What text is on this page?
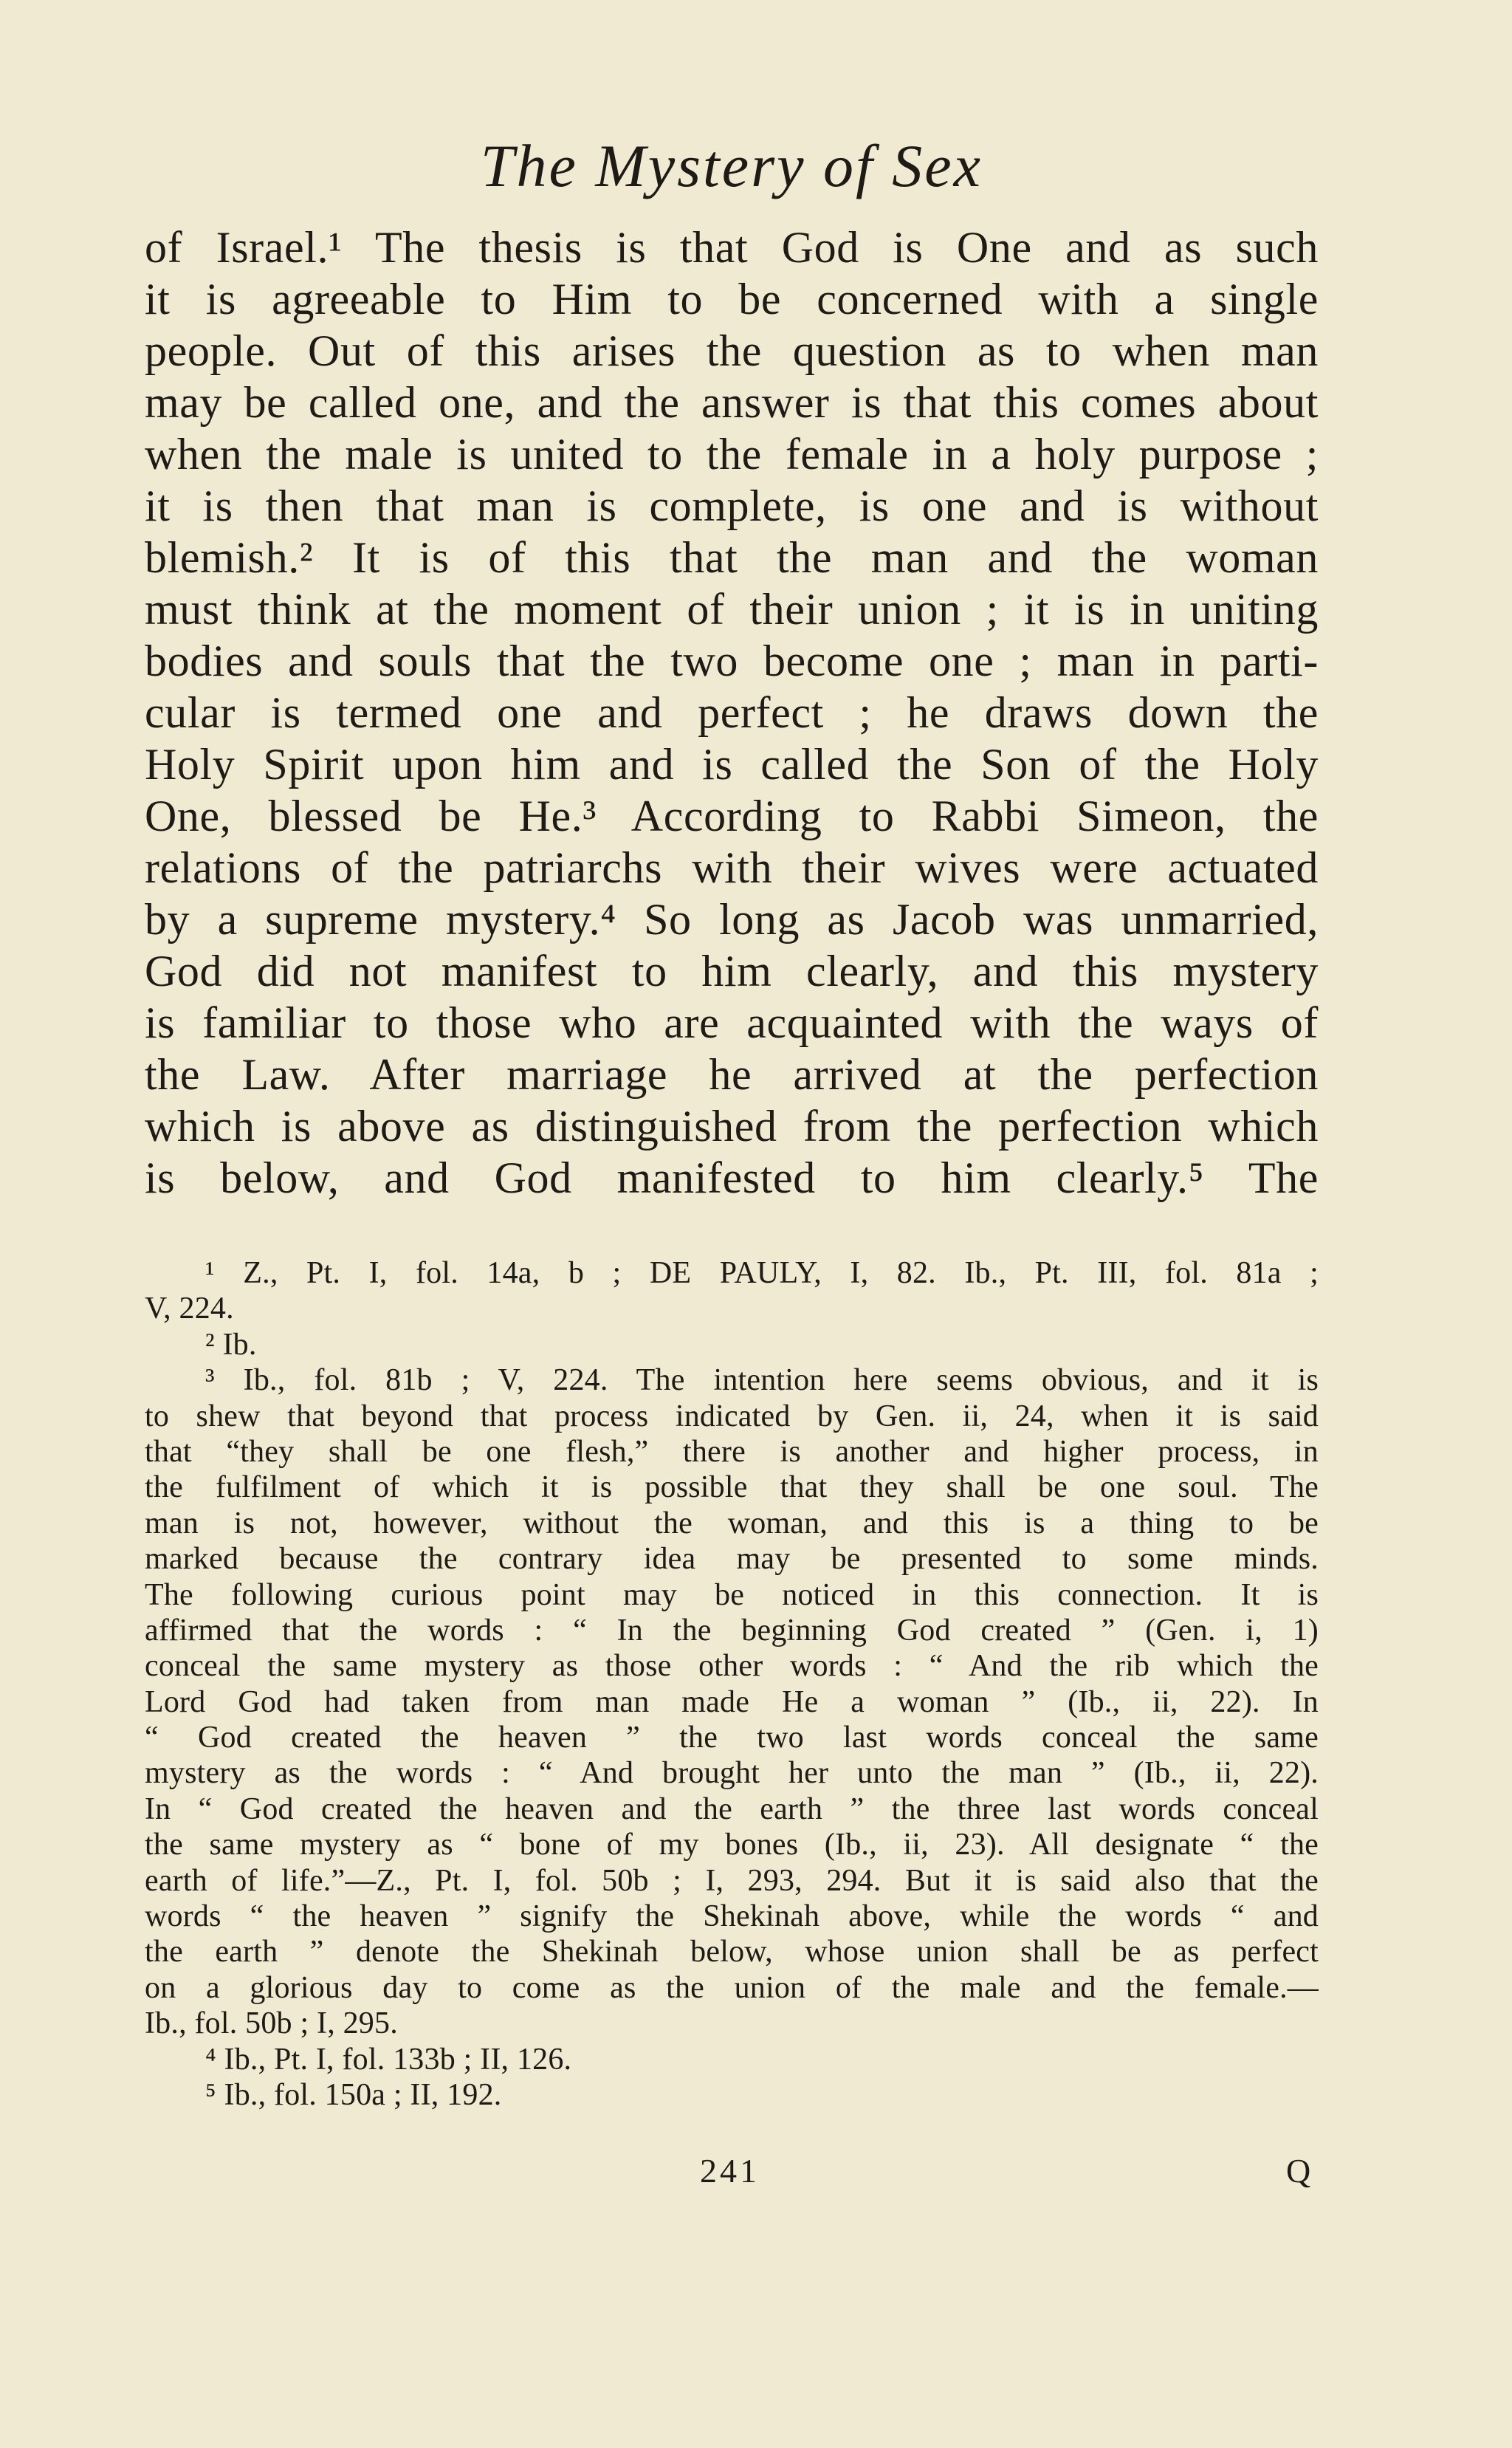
The Mystery of Sex
of Israel.¹ The thesis is that God is One and as such
it is agreeable to Him to be concerned with a single
people. Out of this arises the question as to when man
may be called one, and the answer is that this comes about
when the male is united to the female in a holy purpose ;
it is then that man is complete, is one and is without
blemish.² It is of this that the man and the woman
must think at the moment of their union ; it is in uniting
bodies and souls that the two become one ; man in parti-
cular is termed one and perfect ; he draws down the
Holy Spirit upon him and is called the Son of the Holy
One, blessed be He.³ According to Rabbi Simeon, the
relations of the patriarchs with their wives were actuated
by a supreme mystery.⁴ So long as Jacob was unmarried,
God did not manifest to him clearly, and this mystery
is familiar to those who are acquainted with the ways of
the Law. After marriage he arrived at the perfection
which is above as distinguished from the perfection which
is below, and God manifested to him clearly.⁵ The
¹ Z., Pt. I, fol. 14a, b ; DE PAULY, I, 82. Ib., Pt. III, fol. 81a ;
V, 224.
² Ib.
³ Ib., fol. 81b ; V, 224. The intention here seems obvious, and it is
to shew that beyond that process indicated by Gen. ii, 24, when it is said
that “they shall be one flesh,” there is another and higher process, in
the fulfilment of which it is possible that they shall be one soul. The
man is not, however, without the woman, and this is a thing to be
marked because the contrary idea may be presented to some minds.
The following curious point may be noticed in this connection. It is
affirmed that the words : “ In the beginning God created ” (Gen. i, 1)
conceal the same mystery as those other words : “ And the rib which the
Lord God had taken from man made He a woman ” (Ib., ii, 22). In
“ God created the heaven ” the two last words conceal the same
mystery as the words : “ And brought her unto the man ” (Ib., ii, 22).
In “ God created the heaven and the earth ” the three last words conceal
the same mystery as “ bone of my bones (Ib., ii, 23). All designate “ the
earth of life.”—Z., Pt. I, fol. 50b ; I, 293, 294. But it is said also that the
words “ the heaven ” signify the Shekinah above, while the words “ and
the earth ” denote the Shekinah below, whose union shall be as perfect
on a glorious day to come as the union of the male and the female.—
Ib., fol. 50b ; I, 295.
⁴ Ib., Pt. I, fol. 133b ; II, 126.
⁵ Ib., fol. 150a ; II, 192.
241	Q
